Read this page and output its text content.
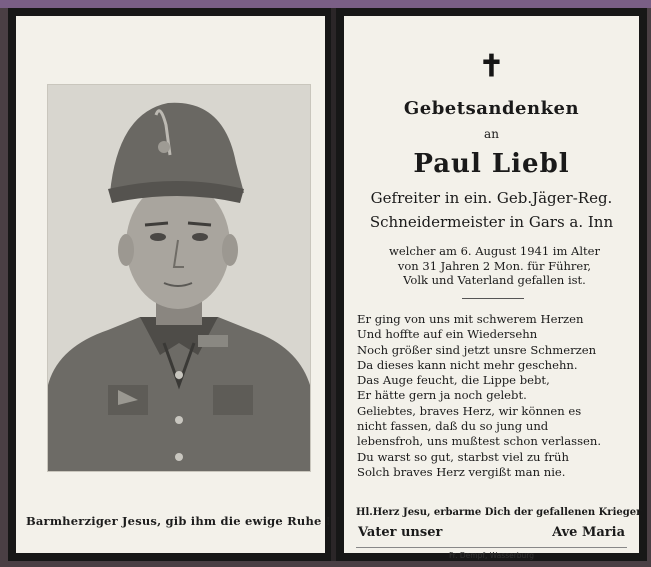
Barmherziger Jesus, gib ihm die ewige Ruhe !
✝
Gebetsandenken
an
Paul Liebl
Gefreiter in ein. Geb.Jäger-Reg.
Schneidermeister in Gars a. Inn
welcher am 6. August 1941 im Alter
von 31 Jahren 2 Mon. für Führer,
Volk und Vaterland gefallen ist.
Er ging von uns mit schwerem Herzen
Und hoffte auf ein Wiedersehn
Noch größer sind jetzt unsre Schmerzen
Da dieses kann nicht mehr geschehn.
Das Auge feucht, die Lippe bebt,
Er hätte gern ja noch gelebt.
Geliebtes, braves Herz, wir können es
nicht fassen, daß du so jung und
lebensfroh, uns mußtest schon verlassen.
Du warst so gut, starbst viel zu früh
Solch braves Herz vergißt man nie.
Hl.Herz Jesu, erbarme Dich der gefallenen Krieger
Vater unser	Ave Maria
Fr. Dempf, Wasserburg
